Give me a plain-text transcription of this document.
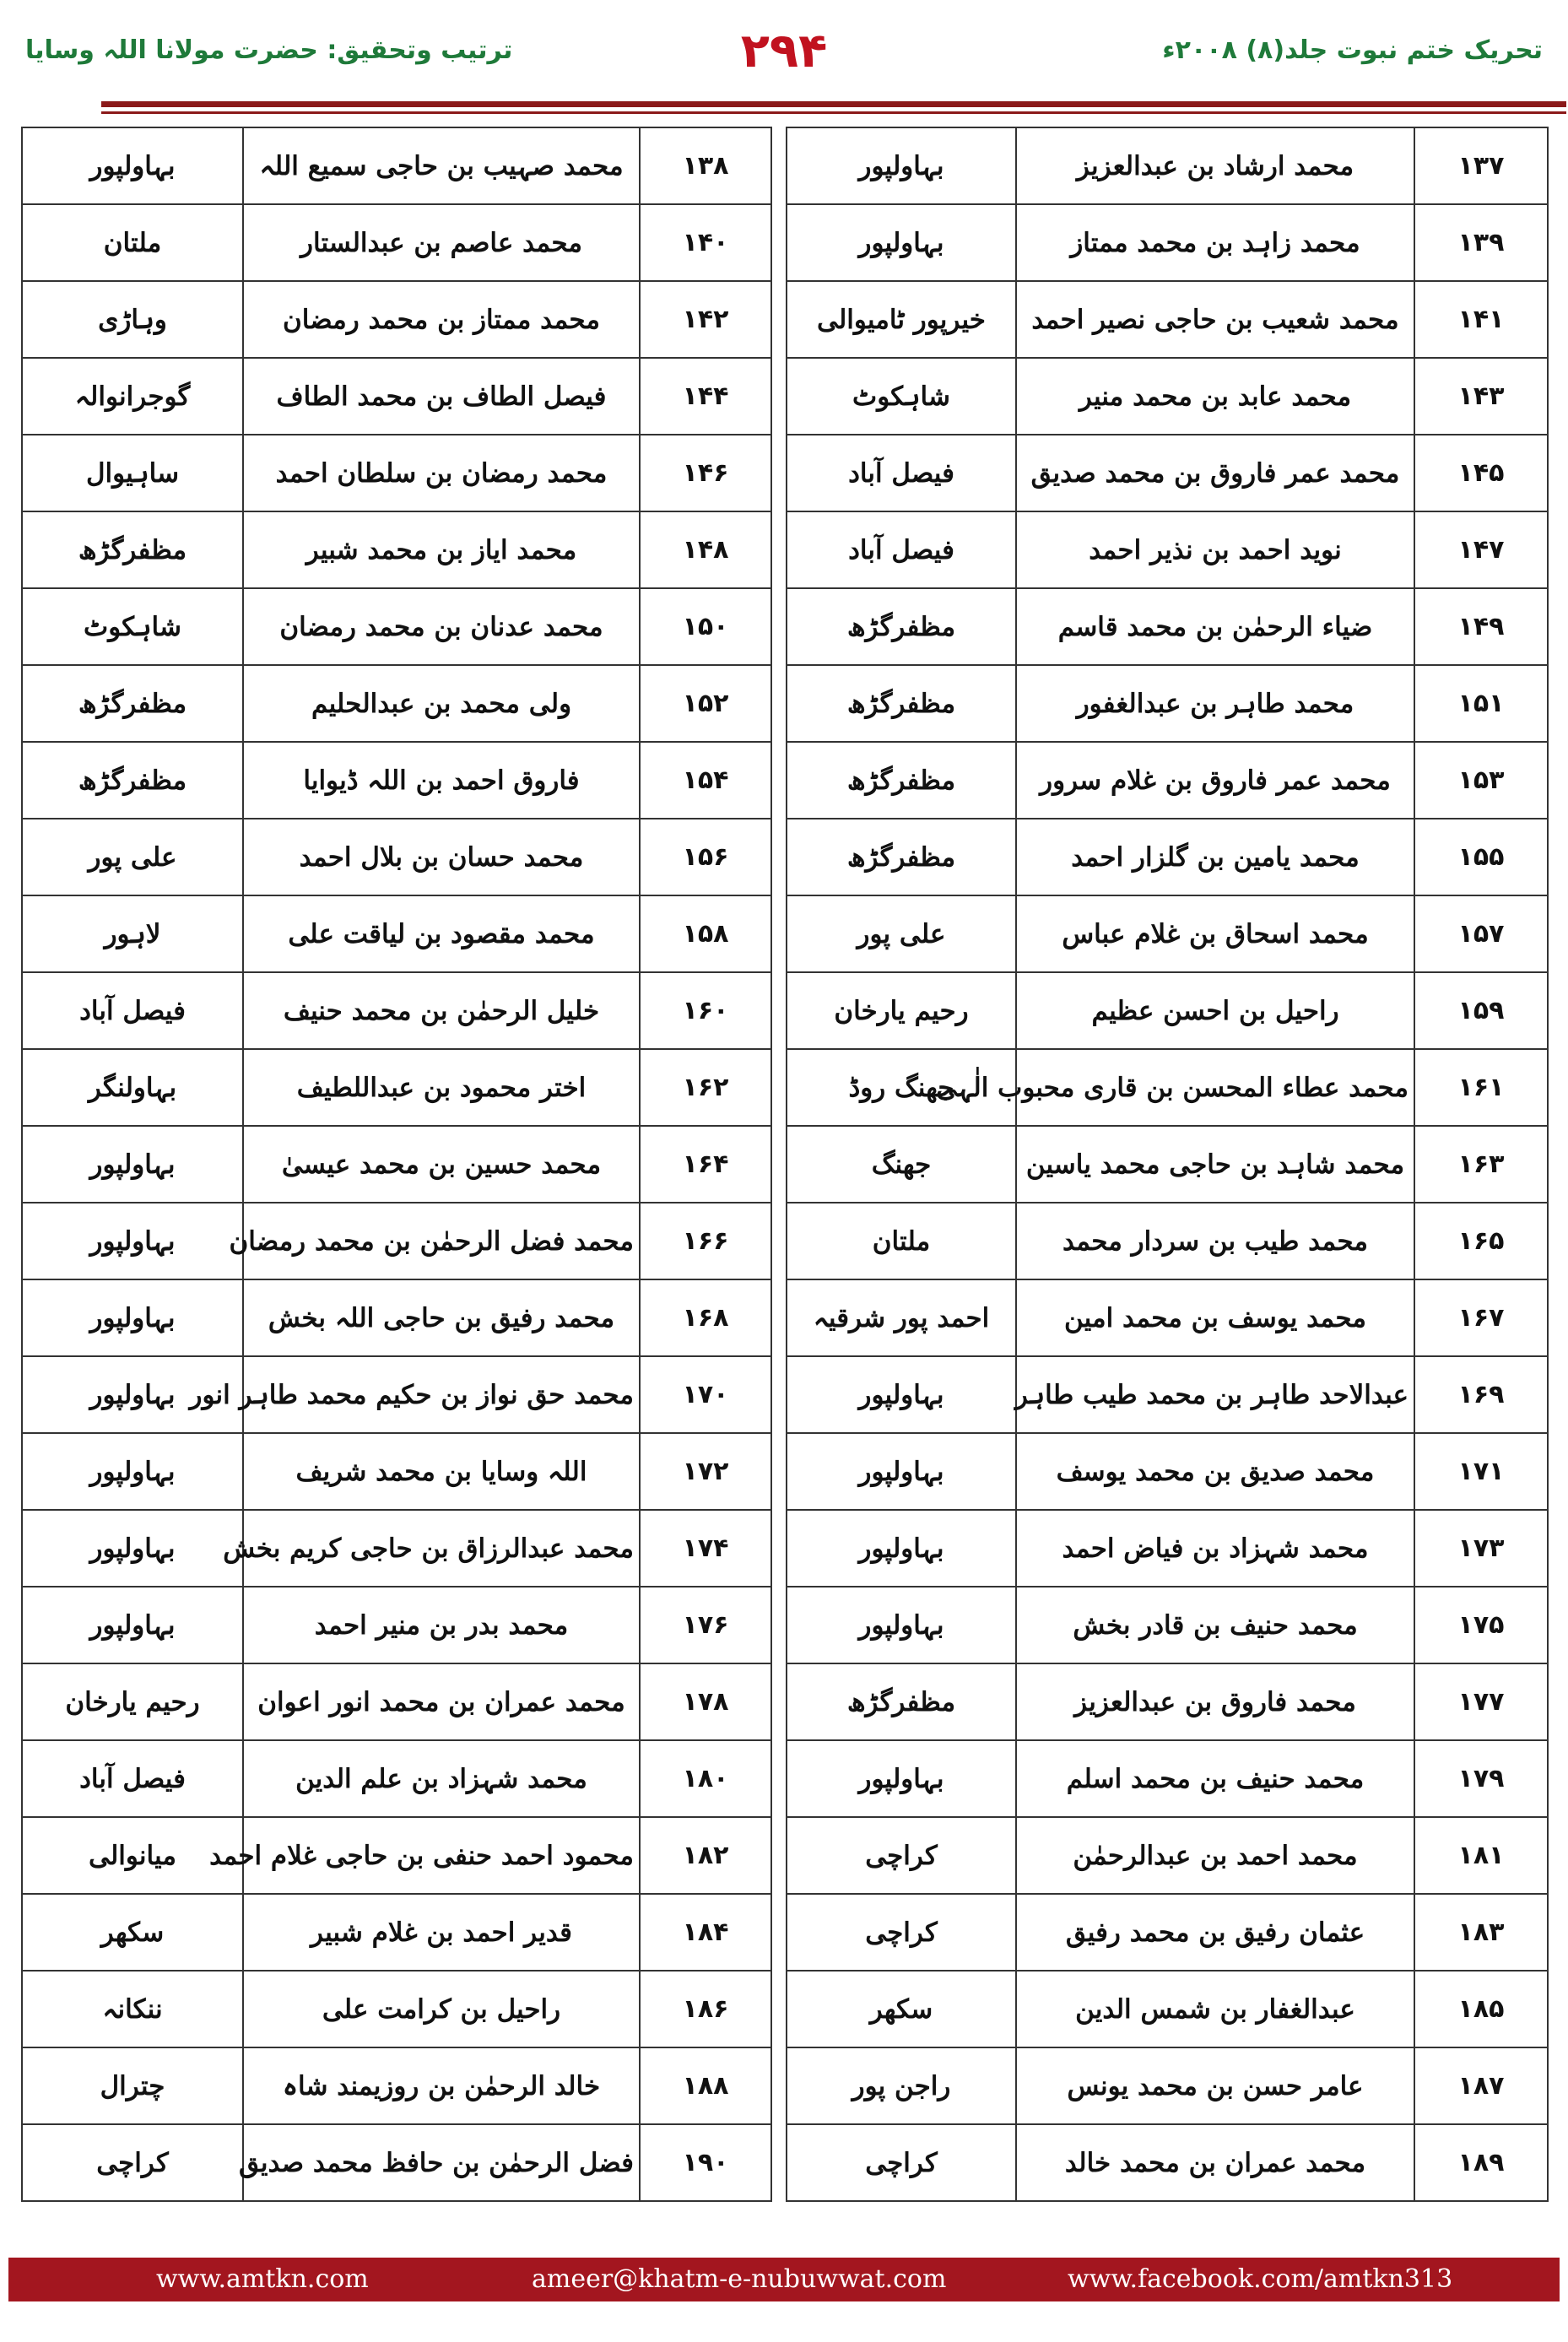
ترتیب وتحقیق: حضرت مولانا اللہ وسایا	۲۹۴	تحریک ختم نبوت جلد(۸) ۲۰۰۸ء
بہاولپور	محمد صہیب بن حاجی سمیع اللہ	۱۳۸		بہاولپور	محمد ارشاد بن عبدالعزیز	۱۳۷
ملتان	محمد عاصم بن عبدالستار	۱۴۰		بہاولپور	محمد زاہد بن محمد ممتاز	۱۳۹
وہاڑی	محمد ممتاز بن محمد رمضان	۱۴۲		خیرپور ٹامیوالی	محمد شعیب بن حاجی نصیر احمد	۱۴۱
گوجرانوالہ	فیصل الطاف بن محمد الطاف	۱۴۴		شاہکوٹ	محمد عابد بن محمد منیر	۱۴۳
ساہیوال	محمد رمضان بن سلطان احمد	۱۴۶		فیصل آباد	محمد عمر فاروق بن محمد صدیق	۱۴۵
مظفرگڑھ	محمد ایاز بن محمد شبیر	۱۴۸		فیصل آباد	نوید احمد بن نذیر احمد	۱۴۷
شاہکوٹ	محمد عدنان بن محمد رمضان	۱۵۰		مظفرگڑھ	ضیاء الرحمٰن بن محمد قاسم	۱۴۹
مظفرگڑھ	ولی محمد بن عبدالحلیم	۱۵۲		مظفرگڑھ	محمد طاہر بن عبدالغفور	۱۵۱
مظفرگڑھ	فاروق احمد بن اللہ ڈیوایا	۱۵۴		مظفرگڑھ	محمد عمر فاروق بن غلام سرور	۱۵۳
علی پور	محمد حسان بن بلال احمد	۱۵۶		مظفرگڑھ	محمد یامین بن گلزار احمد	۱۵۵
لاہور	محمد مقصود بن لیاقت علی	۱۵۸		علی پور	محمد اسحاق بن غلام عباس	۱۵۷
فیصل آباد	خلیل الرحمٰن بن محمد حنیف	۱۶۰		رحیم یارخان	راحیل بن احسن عظیم	۱۵۹
بہاولنگر	اختر محمود بن عبداللطیف	۱۶۲		جھنگ روڈ	محمد عطاء المحسن بن قاری محبوب الٰہی	۱۶۱
بہاولپور	محمد حسین بن محمد عیسیٰ	۱۶۴		جھنگ	محمد شاہد بن حاجی محمد یاسین	۱۶۳
بہاولپور	محمد فضل الرحمٰن بن محمد رمضان	۱۶۶		ملتان	محمد طیب بن سردار محمد	۱۶۵
بہاولپور	محمد رفیق بن حاجی اللہ بخش	۱۶۸		احمد پور شرقیہ	محمد یوسف بن محمد امین	۱۶۷
بہاولپور	محمد حق نواز بن حکیم محمد طاہر انور	۱۷۰		بہاولپور	عبدالاحد طاہر بن محمد طیب طاہر	۱۶۹
بہاولپور	اللہ وسایا بن محمد شریف	۱۷۲		بہاولپور	محمد صدیق بن محمد یوسف	۱۷۱
بہاولپور	محمد عبدالرزاق بن حاجی کریم بخش	۱۷۴		بہاولپور	محمد شہزاد بن فیاض احمد	۱۷۳
بہاولپور	محمد بدر بن منیر احمد	۱۷۶		بہاولپور	محمد حنیف بن قادر بخش	۱۷۵
رحیم یارخان	محمد عمران بن محمد انور اعوان	۱۷۸		مظفرگڑھ	محمد فاروق بن عبدالعزیز	۱۷۷
فیصل آباد	محمد شہزاد بن علم الدین	۱۸۰		بہاولپور	محمد حنیف بن محمد اسلم	۱۷۹
میانوالی	محمود احمد حنفی بن حاجی غلام احمد	۱۸۲		کراچی	محمد احمد بن عبدالرحمٰن	۱۸۱
سکھر	قدیر احمد بن غلام شبیر	۱۸۴		کراچی	عثمان رفیق بن محمد رفیق	۱۸۳
ننکانہ	راحیل بن کرامت علی	۱۸۶		سکھر	عبدالغفار بن شمس الدین	۱۸۵
چترال	خالد الرحمٰن بن روزیمند شاہ	۱۸۸		راجن پور	عامر حسن بن محمد یونس	۱۸۷
کراچی	فضل الرحمٰن بن حافظ محمد صدیق	۱۹۰		کراچی	محمد عمران بن محمد خالد	۱۸۹
www.amtkn.com	ameer@khatm-e-nubuwwat.com	www.facebook.com/amtkn313
